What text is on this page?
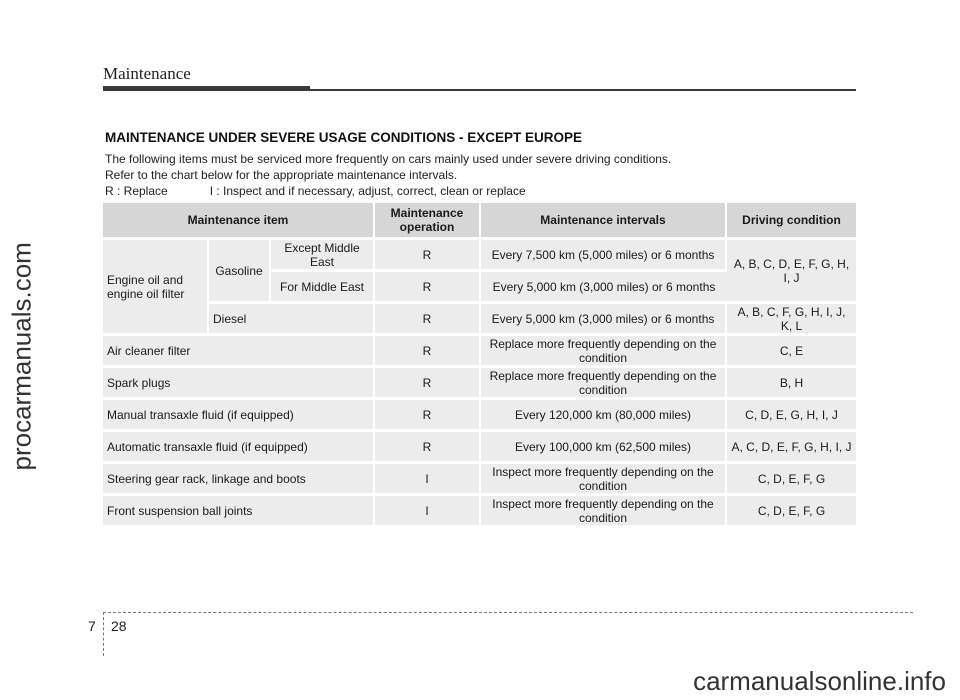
Maintenance
procarmanuals.com
MAINTENANCE UNDER SEVERE USAGE CONDITIONS - EXCEPT EUROPE
The following items must be serviced more frequently on cars mainly used under severe driving conditions.
Refer to the chart below for the appropriate maintenance intervals.
R : Replace	I : Inspect and if necessary, adjust, correct, clean or replace
Maintenance item			Maintenance operation	Maintenance intervals	Driving condition
Engine oil and engine oil filter	Gasoline	Except Middle East	R	Every 7,500 km (5,000 miles) or 6 months	A, B, C, D, E, F, G, H, I, J
		For Middle East	R	Every 5,000 km (3,000 miles) or 6 months	
	Diesel		R	Every 5,000 km (3,000 miles) or 6 months	A, B, C, F, G, H, I, J, K, L
Air cleaner filter			R	Replace more frequently depending on the condition	C, E
Spark plugs			R	Replace more frequently depending on the condition	B, H
Manual transaxle fluid (if equipped)			R	Every 120,000 km (80,000 miles)	C, D, E, G, H, I, J
Automatic transaxle fluid (if equipped)			R	Every 100,000 km (62,500 miles)	A, C, D, E, F, G, H, I, J
Steering gear rack, linkage and boots			I	Inspect more frequently depending on the condition	C, D, E, F, G
Front suspension ball joints			I	Inspect more frequently depending on the condition	C, D, E, F, G
7 28
carmanualsonline.info
